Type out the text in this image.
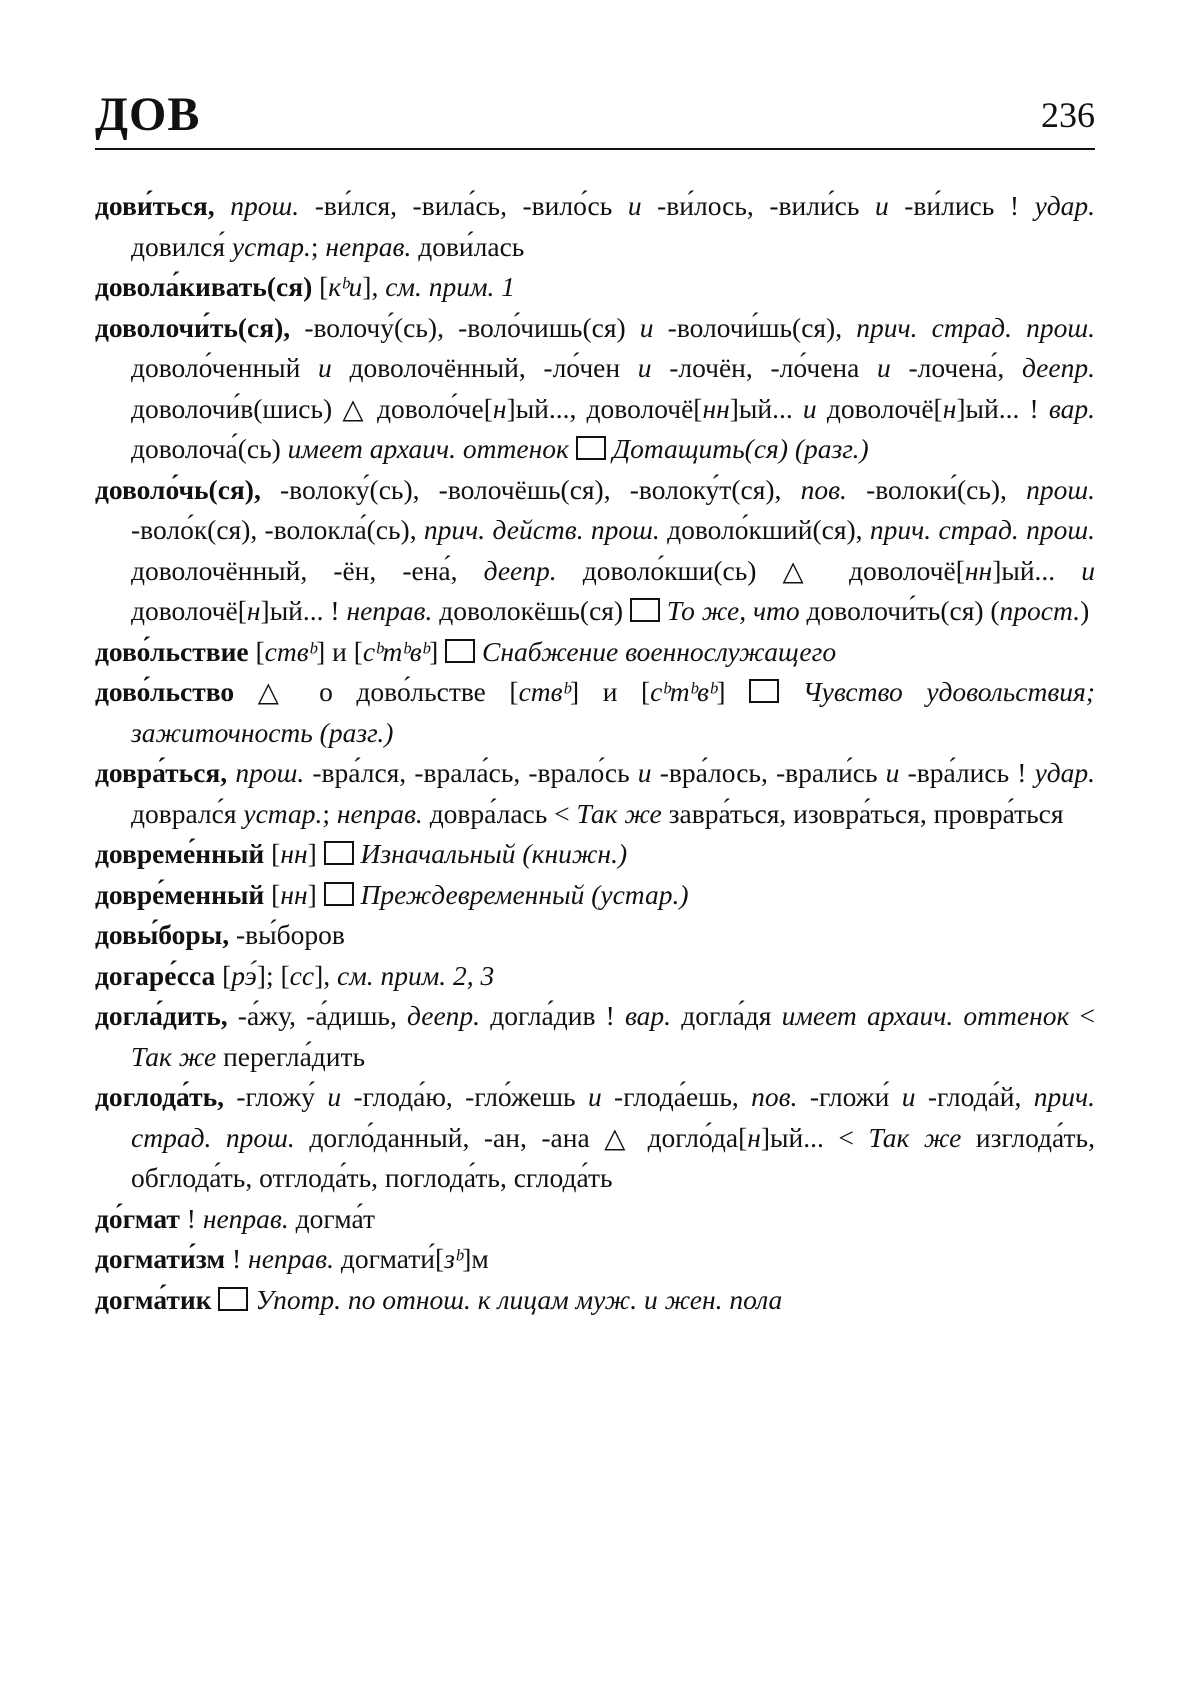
ДОВ	236
дови́ться, прош. -ви́лся, -вила́сь, -вило́сь и -ви́лось, -вили́сь и -ви́лись ! удар. довился́ устар.; неправ. дови́лась
довола́кивать(ся) [кᵇи], см. прим. 1
доволочи́ть(ся), -волочу́(сь), -воло́чишь(ся) и -волочи́шь(ся), прич. страд. прош. доволо́ченный и доволочённый, -ло́чен и -лочён, -ло́чена и -лочена́, деепр. доволочи́в(шись) △ доволо́че[н]ый..., доволочё[нн]ый... и доволочё[н]ый... ! вар. доволоча́(сь) имеет архаич. оттенок Дотащить(ся) (разг.)
доволо́чь(ся), -волоку́(сь), -волочёшь(ся), -волоку́т(ся), пов. -волоки́(сь), прош. -воло́к(ся), -волокла́(сь), прич. действ. прош. доволо́кший(ся), прич. страд. прош. доволочённый, -ён, -ена́, деепр. доволо́кши(сь) △ доволочё[нн]ый... и доволочё[н]ый... ! неправ. доволокёшь(ся)  То же, что доволочи́ть(ся) (прост.)
дово́льствие [ствᵇ] и [cᵇтᵇвᵇ]  Снабжение военнослужащего
дово́льство △ о дово́льстве [ствᵇ] и [cᵇтᵇвᵇ]  Чувство удовольствия; зажиточность (разг.)
довра́ться, прош. -вра́лся, -врала́сь, -врало́сь и -вра́лось, -врали́сь и -вра́лись ! удар. довралс́я устар.; неправ. довра́лась < Так же завра́ться, изовра́ться, провра́ться
довреме́нный [нн]  Изначальный (книжн.)
довре́менный [нн]  Преждевременный (устар.)
довы́боры, -вы́боров
догаре́сса [рэ́]; [сс], см. прим. 2, 3
догла́дить, -а́жу, -а́дишь, деепр. догла́див ! вар. догла́дя имеет архаич. оттенок < Так же перегла́дить
доглода́ть, -гложу́ и -глода́ю, -гло́жешь и -глода́ешь, пов. -гложи́ и -глода́й, прич. страд. прош. догло́данный, -ан, -ана △ догло́да[н]ый... < Так же изглода́ть, обглода́ть, отглода́ть, поглода́ть, сглода́ть
до́гмат ! неправ. догма́т
догмати́зм ! неправ. догмати́[зᵇ]м
догма́тик Употр. по отнош. к лицам муж. и жен. пола
